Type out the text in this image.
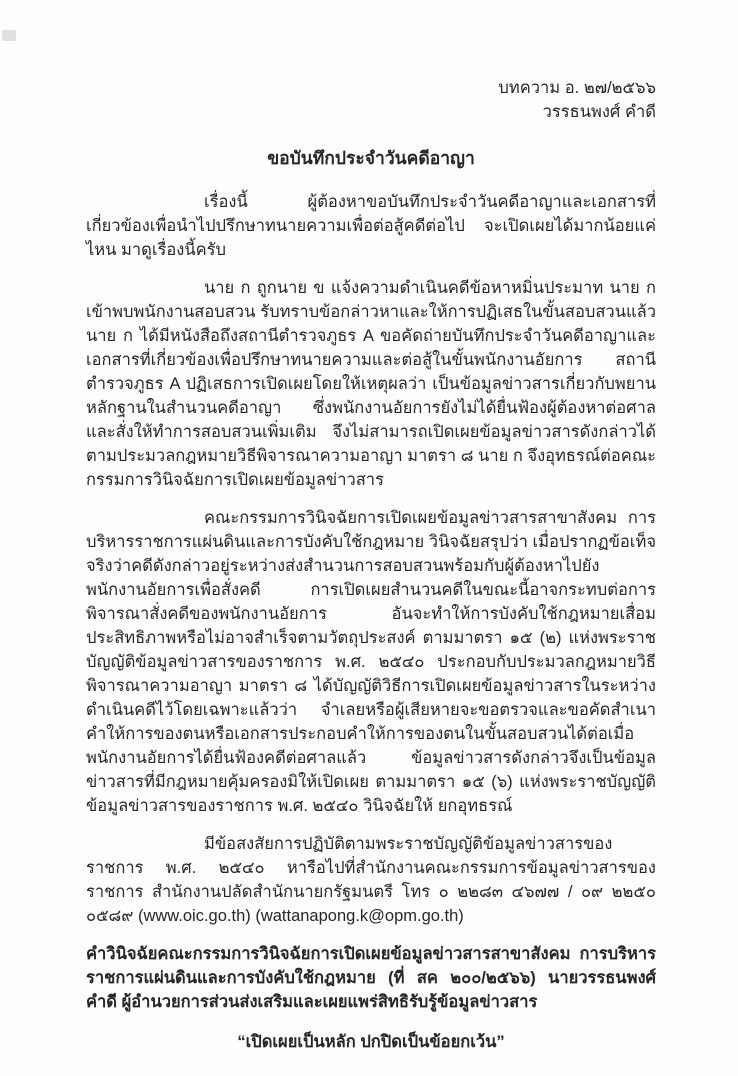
บทความ อ. ๒๗/๒๕๖๖
วรรธนพงศ์ คำดี
ขอบันทึกประจำวันคดีอาญา

เรื่องนี้ ผู้ต้องหาขอบันทึกประจำวันคดีอาญาและเอกสารที่เกี่ยวข้องเพื่อนำไปปรึกษาทนายความเพื่อต่อสู้คดีต่อไป จะเปิดเผยได้มากน้อยแค่ไหน มาดูเรื่องนี้ครับ

นาย ก ถูกนาย ข แจ้งความดำเนินคดีข้อหาหมิ่นประมาท นาย ก เข้าพบพนักงานสอบสวน รับทราบข้อกล่าวหาและให้การปฏิเสธในขั้นสอบสวนแล้ว นาย ก ได้มีหนังสือถึงสถานีตำรวจภูธร A ขอคัดถ่ายบันทึกประจำวันคดีอาญาและเอกสารที่เกี่ยวข้องเพื่อปรึกษาทนายความและต่อสู้ในขั้นพนักงานอัยการ สถานีตำรวจภูธร A ปฏิเสธการเปิดเผยโดยให้เหตุผลว่า เป็นข้อมูลข่าวสารเกี่ยวกับพยานหลักฐานในสำนวนคดีอาญา ซึ่งพนักงานอัยการยังไม่ได้ยื่นฟ้องผู้ต้องหาต่อศาลและสั่งให้ทำการสอบสวนเพิ่มเติม จึงไม่สามารถเปิดเผยข้อมูลข่าวสารดังกล่าวได้ ตามประมวลกฎหมายวิธีพิจารณาความอาญา มาตรา ๘ นาย ก จึงอุทธรณ์ต่อคณะกรรมการวินิจฉัยการเปิดเผยข้อมูลข่าวสาร

คณะกรรมการวินิจฉัยการเปิดเผยข้อมูลข่าวสารสาขาสังคม การบริหารราชการแผ่นดินและการบังคับใช้กฎหมาย วินิจฉัยสรุปว่า เมื่อปรากฏข้อเท็จจริงว่าคดีดังกล่าวอยู่ระหว่างส่งสำนวนการสอบสวนพร้อมกับผู้ต้องหาไปยังพนักงานอัยการเพื่อสั่งคดี การเปิดเผยสำนวนคดีในขณะนี้อาจกระทบต่อการพิจารณาสั่งคดีของพนักงานอัยการ อันจะทำให้การบังคับใช้กฎหมายเสื่อมประสิทธิภาพหรือไม่อาจสำเร็จตามวัตถุประสงค์ ตามมาตรา ๑๕ (๒) แห่งพระราชบัญญัติข้อมูลข่าวสารของราชการ พ.ศ. ๒๕๔๐ ประกอบกับประมวลกฎหมายวิธีพิจารณาความอาญา มาตรา ๘ ได้บัญญัติวิธีการเปิดเผยข้อมูลข่าวสารในระหว่างดำเนินคดีไว้โดยเฉพาะแล้วว่า จำเลยหรือผู้เสียหายจะขอตรวจและขอคัดสำเนาคำให้การของตนหรือเอกสารประกอบคำให้การของตนในขั้นสอบสวนได้ต่อเมื่อพนักงานอัยการได้ยื่นฟ้องคดีต่อศาลแล้ว ข้อมูลข่าวสารดังกล่าวจึงเป็นข้อมูลข่าวสารที่มีกฎหมายคุ้มครองมิให้เปิดเผย ตามมาตรา ๑๕ (๖) แห่งพระราชบัญญัติข้อมูลข่าวสารของราชการ พ.ศ. ๒๕๔๐ วินิจฉัยให้ ยกอุทธรณ์

มีข้อสงสัยการปฏิบัติตามพระราชบัญญัติข้อมูลข่าวสารของราชการ พ.ศ. ๒๕๔๐ หารือไปที่สำนักงานคณะกรรมการข้อมูลข่าวสารของราชการ สำนักงานปลัดสำนักนายกรัฐมนตรี โทร ๐ ๒๒๘๓ ๔๖๗๗ / ๐๙ ๒๒๕๐ ๐๕๘๙ (www.oic.go.th) (wattanapong.k@opm.go.th)

คำวินิจฉัยคณะกรรมการวินิจฉัยการเปิดเผยข้อมูลข่าวสารสาขาสังคม การบริหารราชการแผ่นดินและการบังคับใช้กฎหมาย (ที่ สค ๒๐๐/๒๕๖๖) นายวรรธนพงศ์ คำดี ผู้อำนวยการส่วนส่งเสริมและเผยแพร่สิทธิรับรู้ข้อมูลข่าวสาร

“เปิดเผยเป็นหลัก ปกปิดเป็นข้อยกเว้น”
